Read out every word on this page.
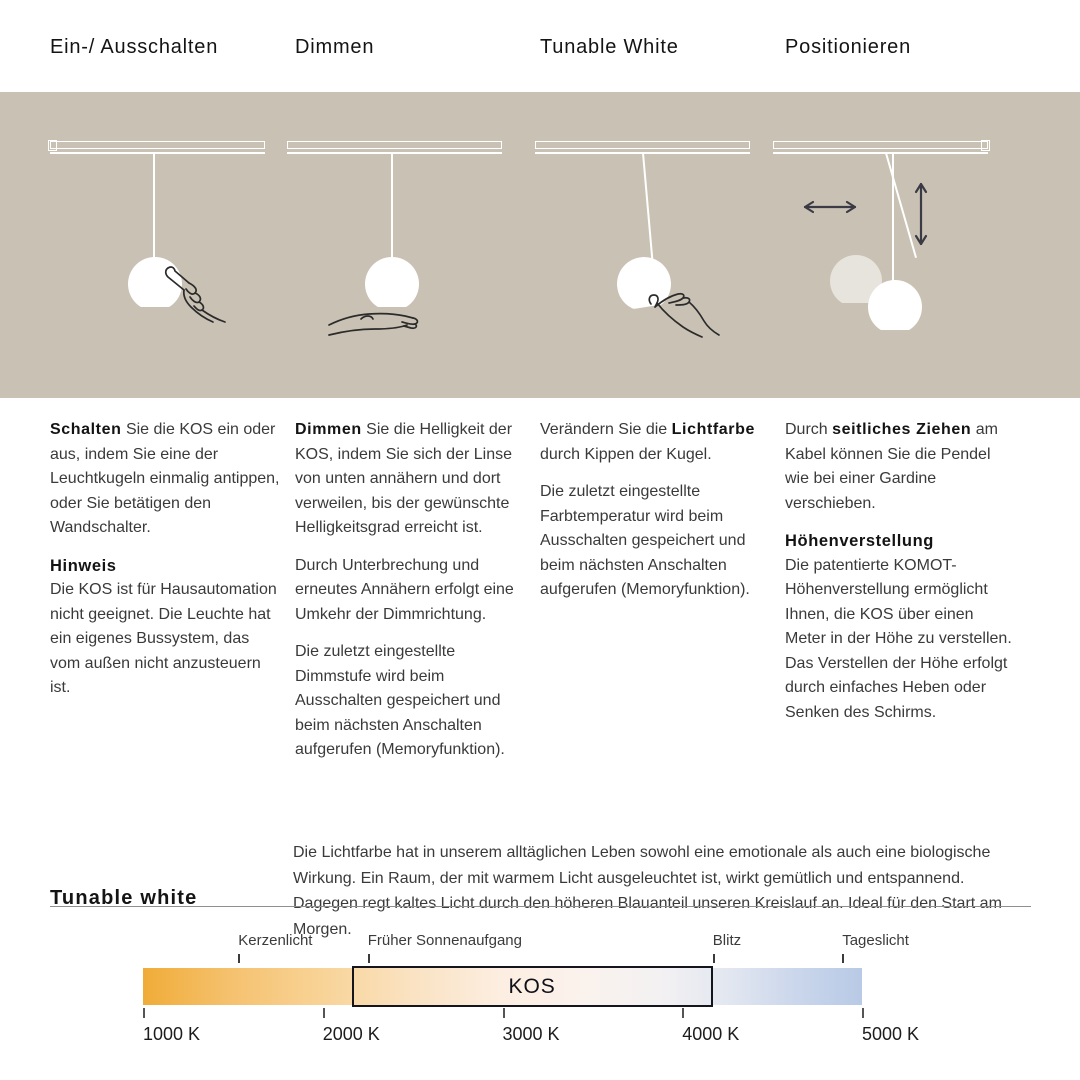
Ein-/ Ausschalten	Dimmen	Tunable White	Positionieren

Schalten Sie die KOS ein oder aus, indem Sie eine der Leuchtkugeln einmalig antippen, oder Sie betätigen den Wandschalter.

Hinweis

Die KOS ist für Hausautomation nicht geeignet. Die Leuchte hat ein eigenes Bussystem, das vom außen nicht anzusteuern ist.

Dimmen Sie die Helligkeit der KOS, indem Sie sich der Linse von unten annähern und dort verweilen, bis der gewünschte Helligkeitsgrad erreicht ist.

Durch Unterbrechung und erneutes Annähern erfolgt eine Umkehr der Dimmrichtung.

Die zuletzt eingestellte Dimmstufe wird beim Ausschalten gespeichert und beim nächsten Anschalten aufgerufen (Memoryfunktion).

Verändern Sie die Lichtfarbe durch Kippen der Kugel.

Die zuletzt eingestellte Farbtemperatur wird beim Ausschalten gespeichert und beim nächsten Anschalten aufgerufen (Memoryfunktion).

Durch seitliches Ziehen am Kabel können Sie die Pendel wie bei einer Gardine verschieben.

Höhenverstellung

Die patentierte KOMOT-Höhenverstellung ermöglicht Ihnen, die KOS über einen Meter in der Höhe zu verstellen. Das Verstellen der Höhe erfolgt durch einfaches Heben oder Senken des Schirms.

Tunable white

Die Lichtfarbe hat in unserem alltäglichen Leben sowohl eine emotionale als auch eine biologische Wirkung. Ein Raum, der mit warmem Licht ausgeleuchtet ist, wirkt gemütlich und entspannend. Dagegen regt kaltes Licht durch den höheren Blauanteil unseren Kreislauf an. Ideal für den Start am Morgen.

KOS
Kerzenlicht	Früher Sonnenaufgang	Blitz	Tageslicht
1000 K	2000 K	3000 K	4000 K	5000 K
